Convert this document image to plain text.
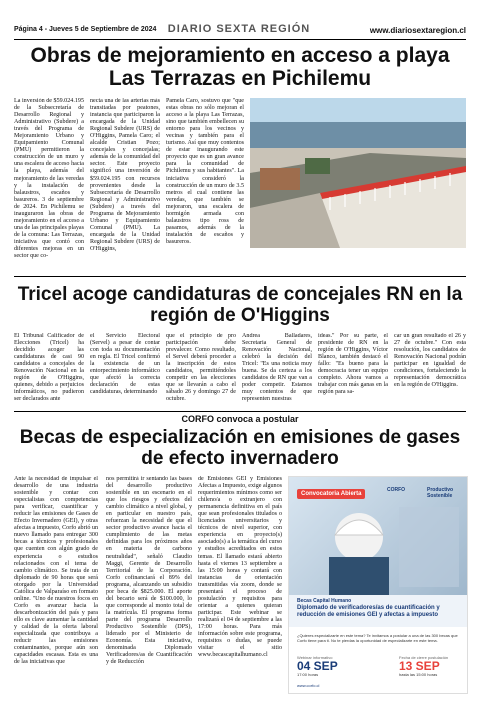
Página 4 - Jueves 5 de Septiembre de 2024	DIARIO SEXTA REGIÓN	www.diariosextaregion.cl
Obras de mejoramiento en acceso a playa Las Terrazas en Pichilemu
La inversión de $59.024.195 de la Subsecretaría de Desarrollo Regional y Administrativo (Subdere) a través del Programa de Mejoramiento Urbano y Equipamiento Comunal (PMU) permitieron la construcción de un muro y una escalera de acceso hacia la playa, además del mejoramiento de las veredas y la instalación de balaustros, escaños y basureros. 3 de septiembre de 2024. En Pichilemu se inauguraron las obras de mejoramiento en el acceso a una de las principales playas de la comuna: Las Terrazas, iniciativa que contó con diferentes mejoras en un sector que co-
necta una de las arterias más transitadas por peatones, instancia que participaron la encargada de la Unidad Regional Subdere (URS) de O'Higgins, Pamela Caro; el alcalde Cristian Pozo; concejales y concejalas; además de la comunidad del sector. Este proyecto significó una inversión de $59.024.195 con recursos provenientes desde la Subsecretaría de Desarrollo Regional y Administrativo (Subdere) a través del Programa de Mejoramiento Urbano y Equipamiento Comunal (PMU). La encargada de la Unidad Regional Subdere (URS) de O'Higgins,
Pamela Caro, sostuvo que "que estas obras no sólo mejoran el acceso a la playa Las Terrazas, sino que también embellecen su entorno para los vecinos y vecinas y también para el turismo. Así que muy contentos de estar inaugurando este proyecto que es un gran avance para la comunidad de Pichilemu y sus habitantes". La iniciativa consideró la construcción de un muro de 3.5 metros el cual contiene las veredas, que también se mejoraron, una escalera de hormigón armada con balaustros tipo ross de pasamos, además de la instalación de escaños y basureros.
Tricel acoge candidaturas de concejales RN en la región de O'Higgins
El Tribunal Calificador de Elecciones (Tricel) ha decidido acoger las candidaturas de casi 90 candidatos a concejales de Renovación Nacional en la región de O'Higgins, quienes, debido a perjuicios informáticos, no pudieron ser declarados ante
el Servicio Electoral (Servel) a pesar de contar con toda su documentación en regla. El Tricel confirmó la existencia de un entorpecimiento informático que afectó la correcta declaración de estas candidaturas, determinando
que el principio de pro participación debe prevalecer. Como resultado, el Servel deberá proceder a la inscripción de estos candidatos, permitiéndoles competir en las elecciones que se llevarán a cabo el sábado 26 y domingo 27 de octubre.
Andrea Balladares, Secretaria General de Renovación Nacional, celebró la decisión del Tricel: "Es una noticia muy buena. Se da certeza a los candidatos de RN que van a poder competir. Estamos muy contentos de que representen nuestras
ideas." Por su parte, el presidente de RN en la región de O'Higgins, Víctor Blanco, también destacó el fallo: "Es bueno para la democracia tener un equipo completo. Ahora vamos a trabajar con más ganas en la región para sa-
car un gran resultado el 26 y 27 de octubre." Con esta resolución, los candidatos de Renovación Nacional podrán participar en igualdad de condiciones, fortaleciendo la representación democrática en la región de O'Higgins.
CORFO convoca a postular
Becas de especialización en emisiones de gases de efecto invernadero
Ante la necesidad de impulsar el desarrollo de una industria sostenible y contar con especialistas con competencias para verificar, cuantificar y reducir las emisiones de Gases de Efecto Invernadero (GEI), y otras afectas a impuesto, Corfo abrió un nuevo llamado para entregar 300 becas a técnicos y profesionales que cuenten con algún grado de experiencia o estudios relacionados con el tema de cambio climático. Se trata de un diplomado de 90 horas que será otorgado por la Universidad Católica de Valparaíso en formato online. "Uno de nuestros focos en Corfo es avanzar hacia la descarbonización del país y para ello es clave aumentar la cantidad y calidad de la oferta laboral especializada que contribuya a reducir las emisiones contaminantes, porque aún son capacidades escasas. Esta es una de las iniciativas que
nos permitirá ir sentando las bases del desarrollo productivo sostenible en un escenario en el que los riesgos y efectos del cambio climático a nivel global, y en particular en nuestro país, refuerzan la necesidad de que el sector productivo avance hacia el cumplimiento de las metas definidas para los próximos años en materia de carbono neutralidad", señaló Claudio Maggi, Gerente de Desarrollo Territorial de la Corporación. Corfo cofinanciará el 89% del programa, alcanzando un subsidio por beca de $825.000. El aporte del becario será de $100.000, lo que corresponde al monto total de la matrícula. El programa forma parte del programa Desarrollo Productivo Sostenible (DPS), liderado por el Ministerio de Economía. Esta iniciativa, denominada Diplomado Verificadores/as de Cuantificación y de Reducción
de Emisiones GEI y Emisiones Afectas a Impuesto, exige algunos requerimientos mínimos como ser chileno/a o extranjero con permanencia definitiva en el país que sean profesionales titulados o licenciados universitarios y técnicos de nivel superior, con experiencia en proyecto(s) asociado(s) a la temática del curso y estudios acreditados en estos temas. El llamado estará abierto hasta el viernes 13 septiembre a las 15:00 horas y contará con instancias de orientación transmitidas vía zoom, donde se presentará el proceso de postulación y requisitos para orientar a quienes quieran participar. Este webinar se realizará el 04 de septiembre a las 17:00 horas. Para más información sobre este programa, requisitos o dudas, se puede visitar el sitio www.becascapitalhumano.cl
Convocatoria Abierta
CORFO	Productivo Sostenible
Becas Capital Humano
Diplomado de verificadores/as de cuantificación y reducción de emisiones GEI y afectas a impuesto
¿Quieres especializarte en este tema? Te invitamos a postular a una de las 300 becas que Corfo tiene para ti. No te pierdas la oportunidad de especializarte en este tema.
Webinar informativo
04 SEP
17:00 horas
Fecha de cierre postulación
13 SEP
hasta las 15:00 horas
www.corfo.cl
